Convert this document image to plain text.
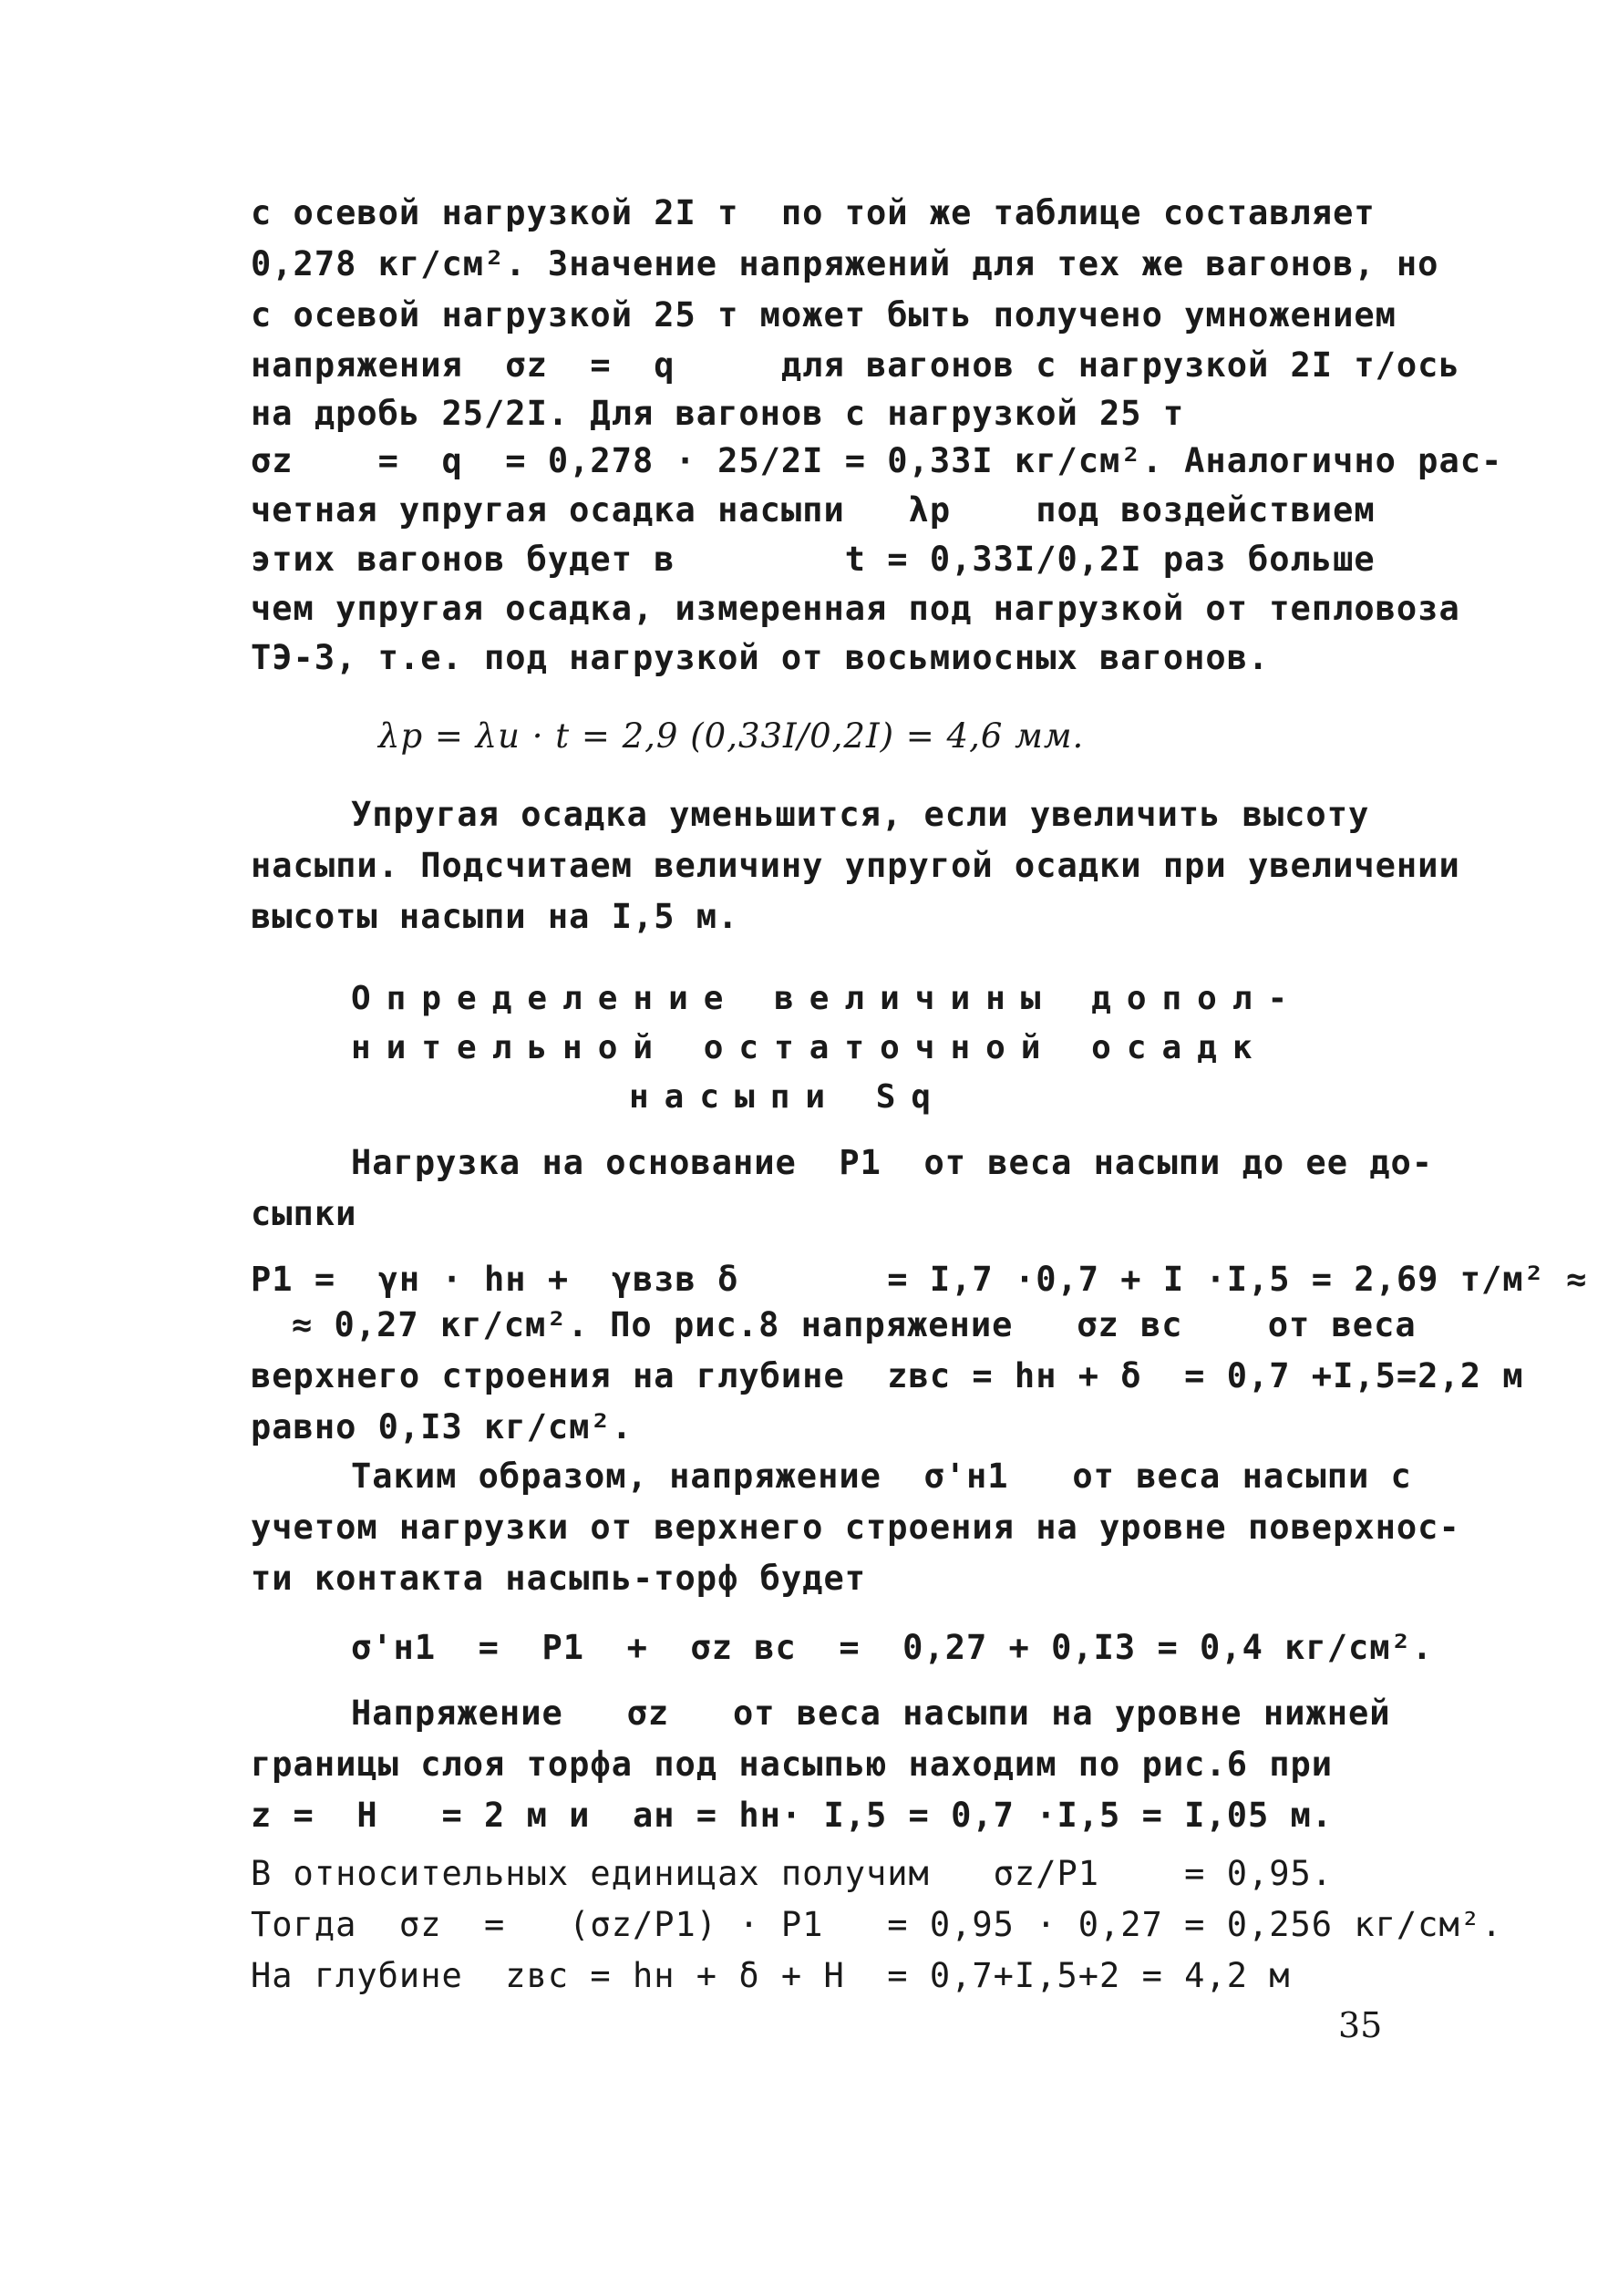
с осевой нагрузкой 2I т  по той же таблице составляет
0,278 кг/см². Значение напряжений для тех же вагонов, но
с осевой нагрузкой 25 т может быть получено умножением
напряжения  σz  =  q     для вагонов с нагрузкой 2I т/ось
на дробь 25/2I. Для вагонов с нагрузкой 25 т
σz    =  q  = 0,278 · 25/2I = 0,33I кг/см². Аналогично рас-
четная упругая осадка насыпи   λр    под воздействием
этих вагонов будет в        t = 0,33I/0,2I раз больше
чем упругая осадка, измеренная под нагрузкой от тепловоза
ТЭ-3, т.е. под нагрузкой от восьмиосных вагонов.
λр = λu · t = 2,9 (0,33I/0,2I) = 4,6 мм.
Упругая осадка уменьшится, если увеличить высоту
насыпи. Подсчитаем величину упругой осадки при увеличении
высоты насыпи на I,5 м.
Определение величины допол-
нительной остаточной осадк
насыпи Sq
Нагрузка на основание  P1  от веса насыпи до ее до-
сыпки
P1 =  γн · hн +  γвзв δ       = I,7 ·0,7 + I ·I,5 = 2,69 т/м² ≈
≈ 0,27 кг/см². По рис.8 напряжение   σz вс    от веса
верхнего строения на глубине  zвс = hн + δ  = 0,7 +I,5=2,2 м
равно 0,I3 кг/см².
Таким образом, напряжение  σ'н1   от веса насыпи с
учетом нагрузки от верхнего строения на уровне поверхнос-
ти контакта насыпь-торф будет
σ'н1  =  P1  +  σz вс  =  0,27 + 0,I3 = 0,4 кг/см².
Напряжение   σz   от веса насыпи на уровне нижней
границы слоя торфа под насыпью находим по рис.6 при
z =  H   = 2 м и  aн = hн· I,5 = 0,7 ·I,5 = I,05 м.
В относительных единицах получим   σz/P1    = 0,95.
Тогда  σz  =   (σz/P1) · P1   = 0,95 · 0,27 = 0,256 кг/см².
На глубине  zвс = hн + δ + H  = 0,7+I,5+2 = 4,2 м
35
